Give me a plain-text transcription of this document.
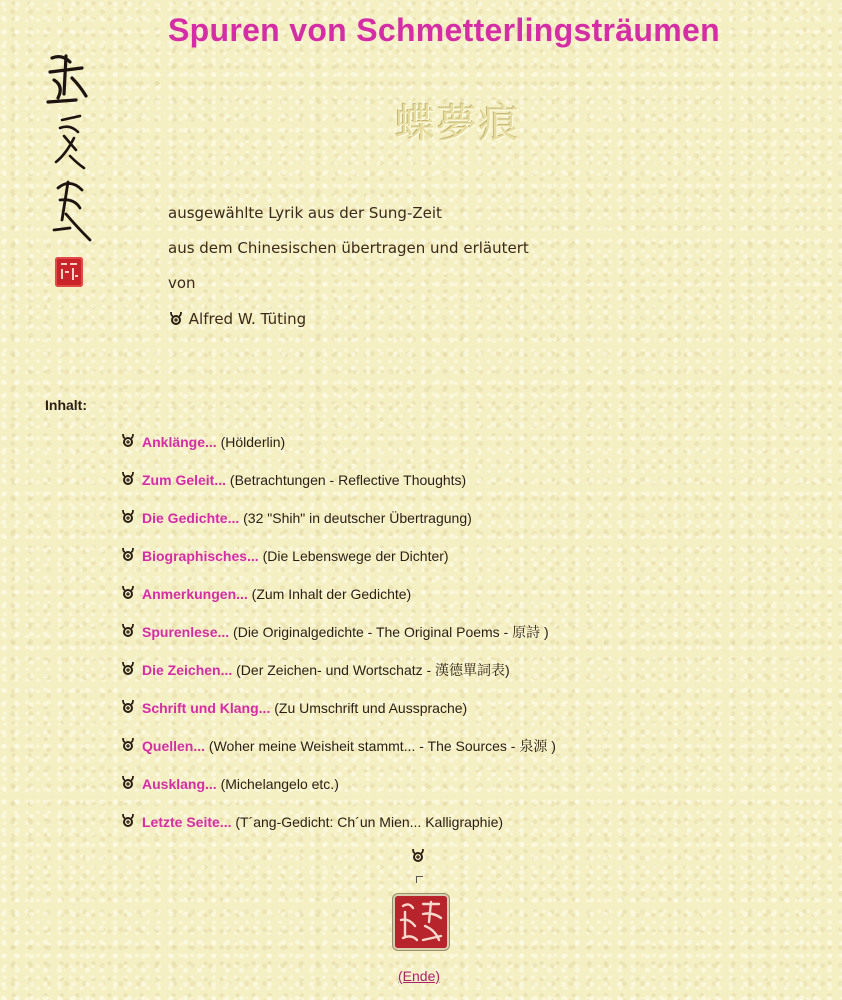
Spuren von Schmetterlingsträumen
蝶夢痕
ausgewählte Lyrik aus der Sung-Zeit
aus dem Chinesischen übertragen und erläutert
von
Alfred W. Tüting
Inhalt:
Anklänge... (Hölderlin)
Zum Geleit... (Betrachtungen - Reflective Thoughts)
Die Gedichte... (32 "Shih" in deutscher Übertragung)
Biographisches... (Die Lebenswege der Dichter)
Anmerkungen... (Zum Inhalt der Gedichte)
Spurenlese... (Die Originalgedichte - The Original Poems - 原詩 )
Die Zeichen... (Der Zeichen- und Wortschatz - 漢德單詞表)
Schrift und Klang... (Zu Umschrift und Aussprache)
Quellen... (Woher meine Weisheit stammt... - The Sources - 泉源 )
Ausklang... (Michelangelo etc.)
Letzte Seite... (T´ang-Gedicht: Ch´un Mien... Kalligraphie)
(Ende)
